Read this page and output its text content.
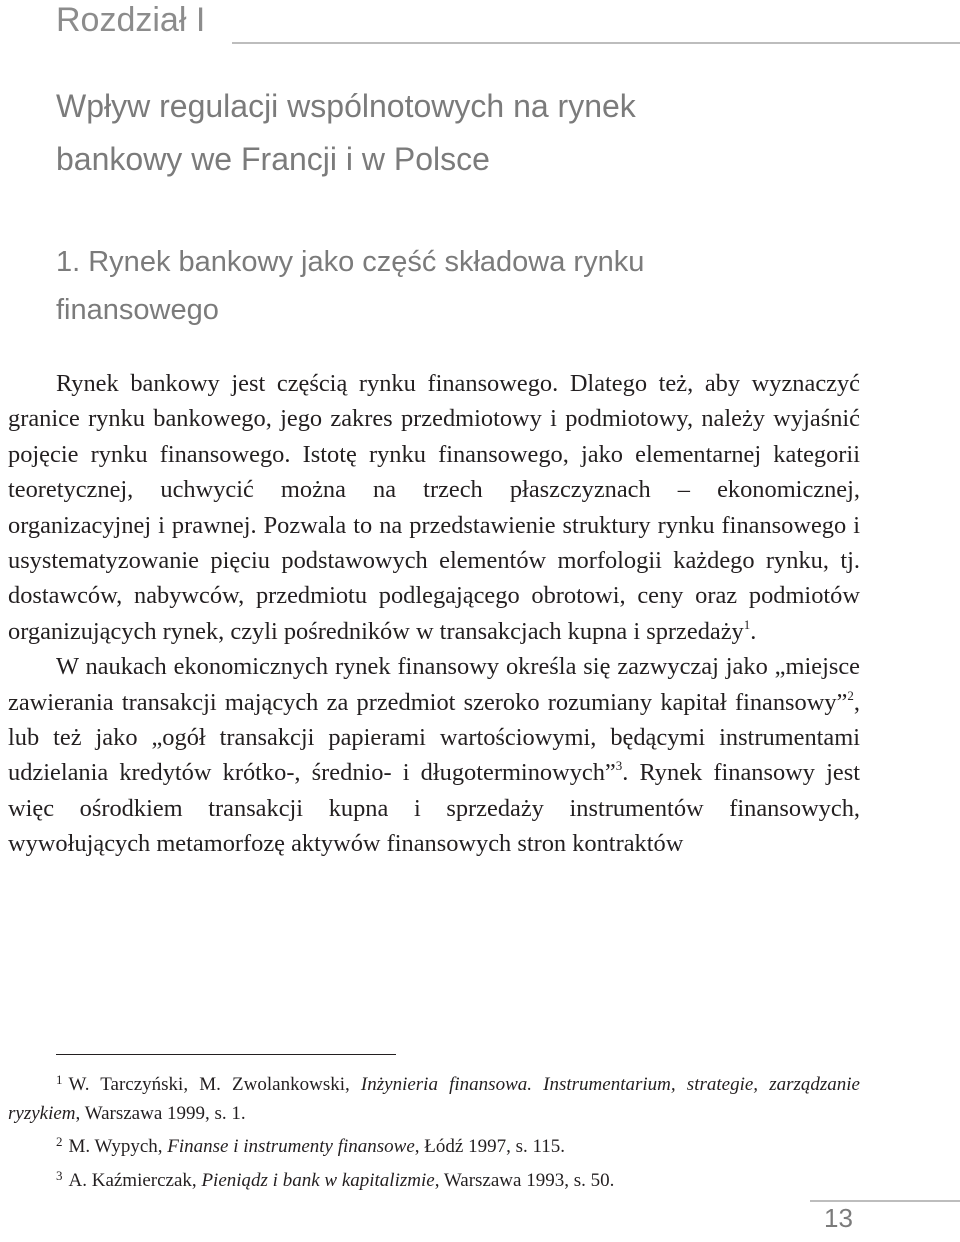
Rozdział I
Wpływ regulacji wspólnotowych na rynek
bankowy we Francji i w Polsce
1. Rynek bankowy jako część składowa rynku
finansowego

Rynek bankowy jest częścią rynku finansowego. Dlatego też, aby wyznaczyć granice rynku bankowego, jego zakres przedmiotowy i podmiotowy, należy wyjaśnić pojęcie rynku finansowego. Istotę rynku finansowego, jako elementarnej kategorii teoretycznej, uchwycić można na trzech płaszczyznach – ekonomicznej, organizacyjnej i prawnej. Pozwala to na przedstawienie struktury rynku finansowego i usystematyzowanie pięciu podstawowych elementów morfologii każdego rynku, tj. dostawców, nabywców, przedmiotu podlegającego obrotowi, ceny oraz podmiotów organizujących rynek, czyli pośredników w transakcjach kupna i sprzedaży$^1$.

W naukach ekonomicznych rynek finansowy określa się zazwyczaj jako „miejsce zawierania transakcji mających za przedmiot szeroko rozumiany kapitał finansowy”$^2$, lub też jako „ogół transakcji papierami wartościowymi, będącymi instrumentami udzielania kredytów krótko-, średnio- i długoterminowych”$^3$. Rynek finansowy jest więc ośrodkiem transakcji kupna i sprzedaży instrumentów finansowych, wywołujących metamorfozę aktywów finansowych stron kontraktów

$^1$ W. Tarczyński, M. Zwolankowski, Inżynieria finansowa. Instrumentarium, strategie, zarządzanie ryzykiem, Warszawa 1999, s. 1.

$^2$ M. Wypych, Finanse i instrumenty finansowe, Łódź 1997, s. 115.

$^3$ A. Kaźmierczak, Pieniądz i bank w kapitalizmie, Warszawa 1993, s. 50.

13
